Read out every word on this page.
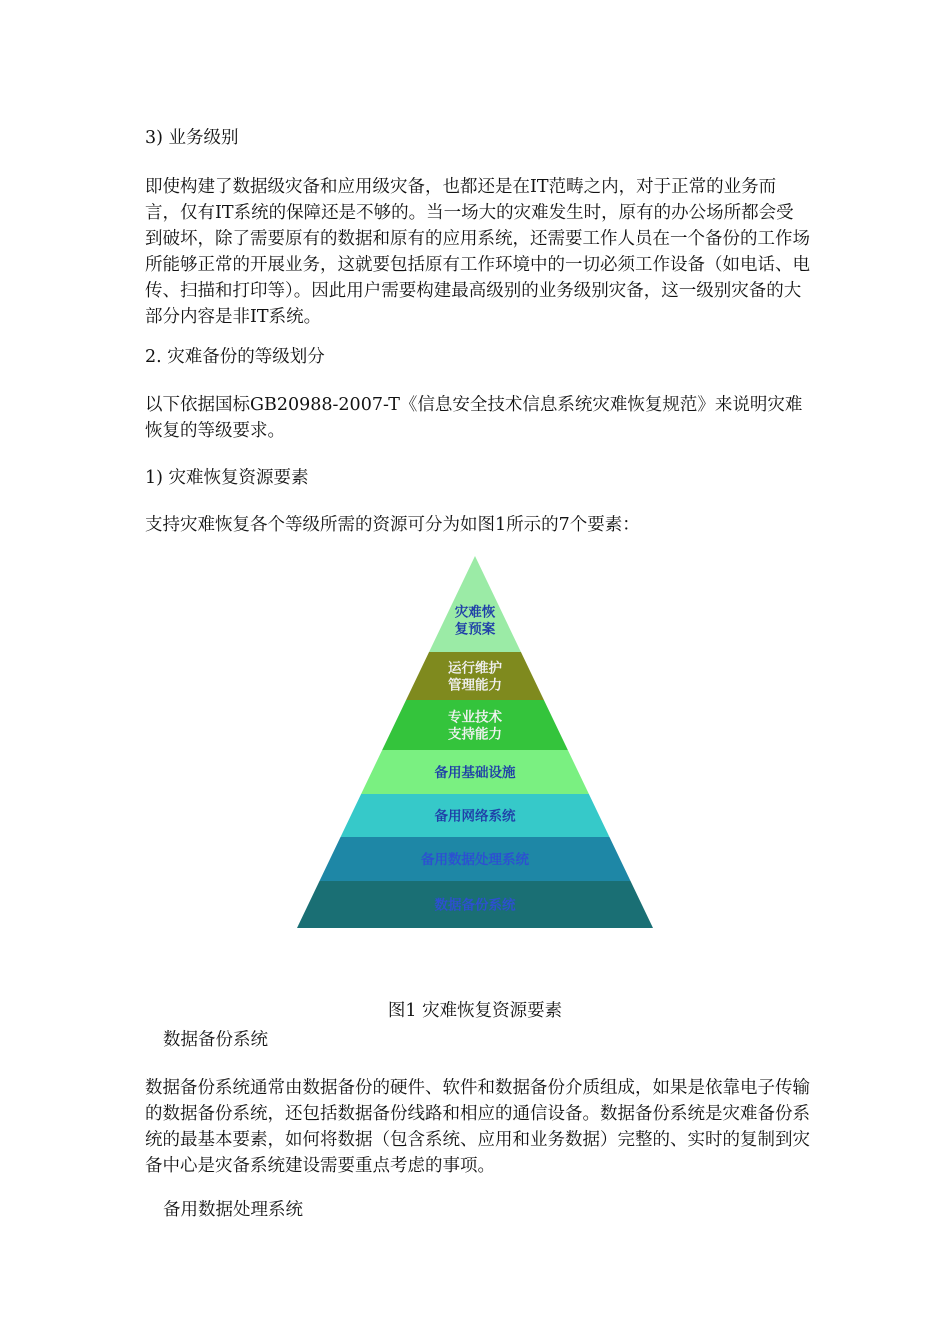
3) 业务级别

即使构建了数据级灾备和应用级灾备，也都还是在IT范畴之内，对于正常的业务而言，仅有IT系统的保障还是不够的。当一场大的灾难发生时，原有的办公场所都会受到破坏，除了需要原有的数据和原有的应用系统，还需要工作人员在一个备份的工作场所能够正常的开展业务，这就要包括原有工作环境中的一切必须工作设备（如电话、电传、扫描和打印等）。因此用户需要构建最高级别的业务级别灾备，这一级别灾备的大部分内容是非IT系统。

2. 灾难备份的等级划分

以下依据国标GB20988-2007-T《信息安全技术信息系统灾难恢复规范》来说明灾难恢复的等级要求。

1) 灾难恢复资源要素

支持灾难恢复各个等级所需的资源可分为如图1所示的7个要素：

灾难恢
复预案
运行维护
管理能力
专业技术
支持能力
备用基础设施
备用网络系统
备用数据处理系统
数据备份系统

图1 灾难恢复资源要素

数据备份系统

数据备份系统通常由数据备份的硬件、软件和数据备份介质组成，如果是依靠电子传输的数据备份系统，还包括数据备份线路和相应的通信设备。数据备份系统是灾难备份系统的最基本要素，如何将数据（包含系统、应用和业务数据）完整的、实时的复制到灾备中心是灾备系统建设需要重点考虑的事项。

备用数据处理系统
